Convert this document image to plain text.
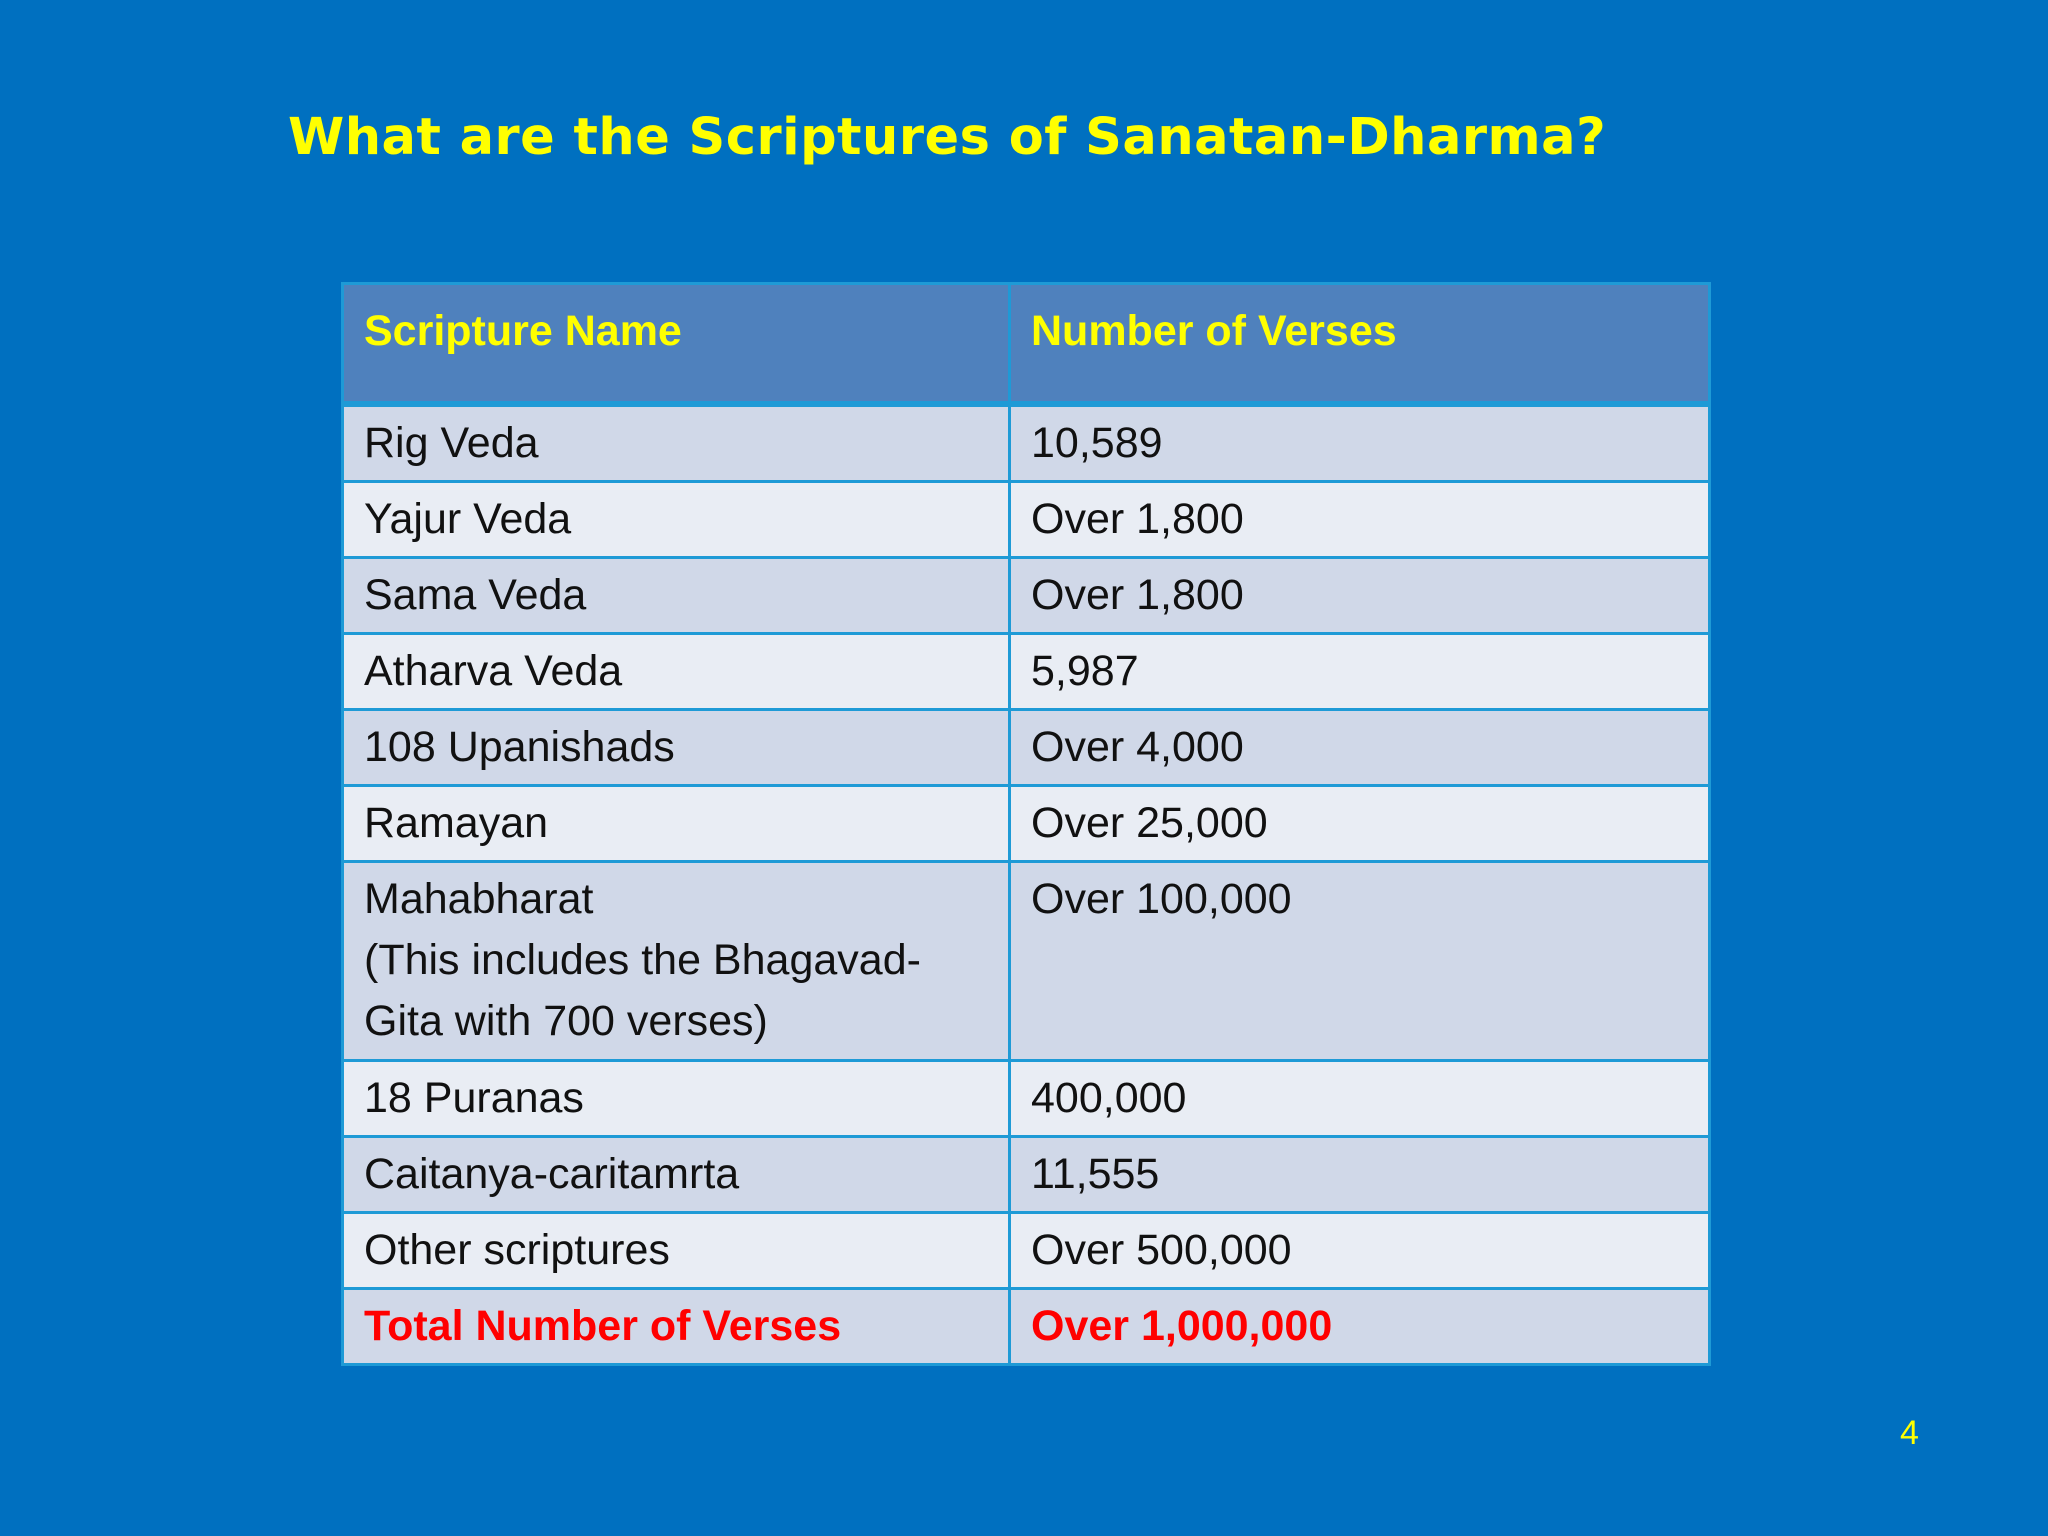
What are the Scriptures of Sanatan-Dharma?
Scripture Name	Number of Verses
Rig Veda	10,589
Yajur Veda	Over 1,800
Sama Veda	Over 1,800
Atharva Veda	5,987
108 Upanishads	Over 4,000
Ramayan	Over 25,000

Mahabharat
(This includes the Bhagavad-
Gita with 700 verses)	Over 100,000
18 Puranas	400,000
Caitanya-caritamrta	11,555
Other scriptures	Over 500,000
Total Number of Verses	Over 1,000,000
4
